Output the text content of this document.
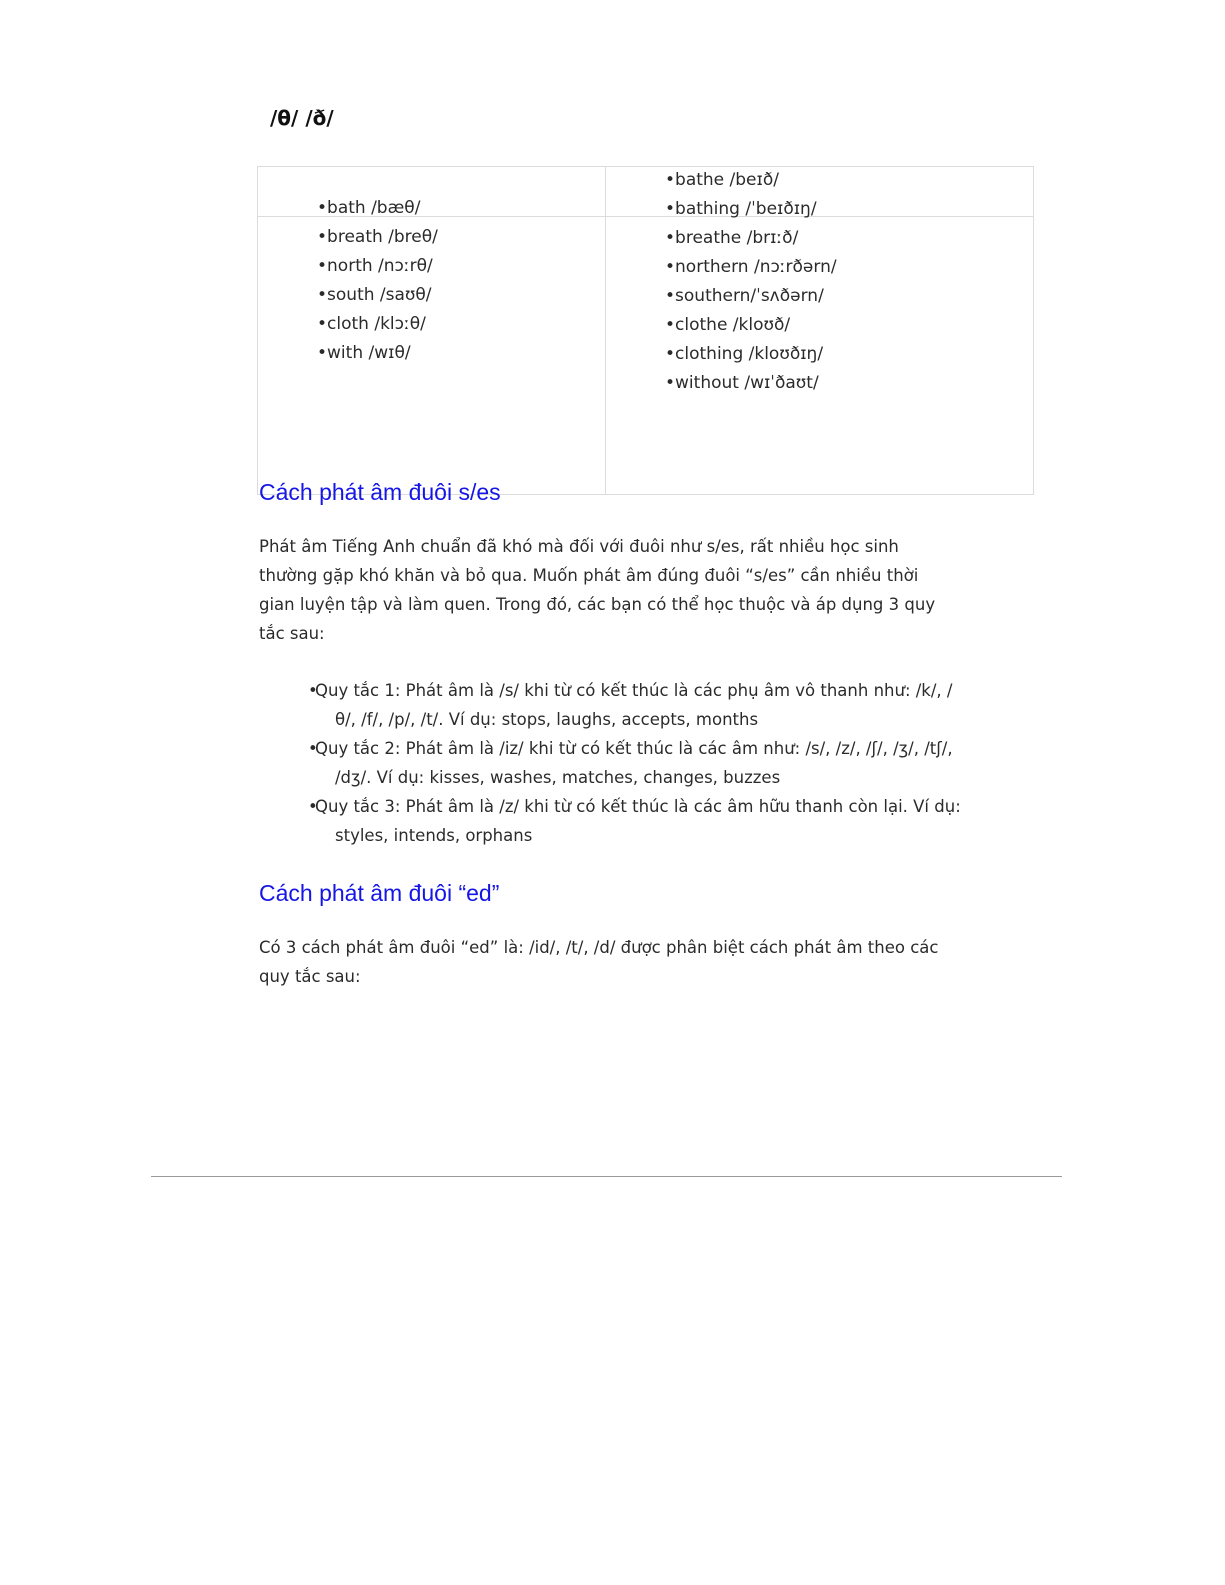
/θ/ /ð/
• bath /bæθ/
• breath /breθ/
• north /nɔːrθ/
• south /saʊθ/
• cloth /klɔːθ/
• with /wɪθ/
• bathe /beɪð/
• bathing /ˈbeɪðɪŋ/
• breathe /brɪːð/
• northern /nɔːrðərn/
• southern/ˈsʌðərn/
• clothe /kloʊð/
• clothing /kloʊðɪŋ/
• without /wɪˈðaʊt/
Cách phát âm đuôi s/es

Phát âm Tiếng Anh chuẩn đã khó mà đối với đuôi như s/es, rất nhiều học sinh thường gặp khó khăn và bỏ qua. Muốn phát âm đúng đuôi “s/es” cần nhiều thời gian luyện tập và làm quen. Trong đó, các bạn có thể học thuộc và áp dụng 3 quy tắc sau:

• Quy tắc 1: Phát âm là /s/ khi từ có kết thúc là các phụ âm vô thanh như: /k/, /θ/, /f/, /p/, /t/. Ví dụ: stops, laughs, accepts, months
• Quy tắc 2: Phát âm là /iz/ khi từ có kết thúc là các âm như: /s/, /z/, /ʃ/, /ʒ/, /tʃ/, /dʒ/. Ví dụ: kisses, washes, matches, changes, buzzes
• Quy tắc 3: Phát âm là /z/ khi từ có kết thúc là các âm hữu thanh còn lại. Ví dụ: styles, intends, orphans
Cách phát âm đuôi “ed”

Có 3 cách phát âm đuôi “ed” là: /id/, /t/, /d/ được phân biệt cách phát âm theo các quy tắc sau:
